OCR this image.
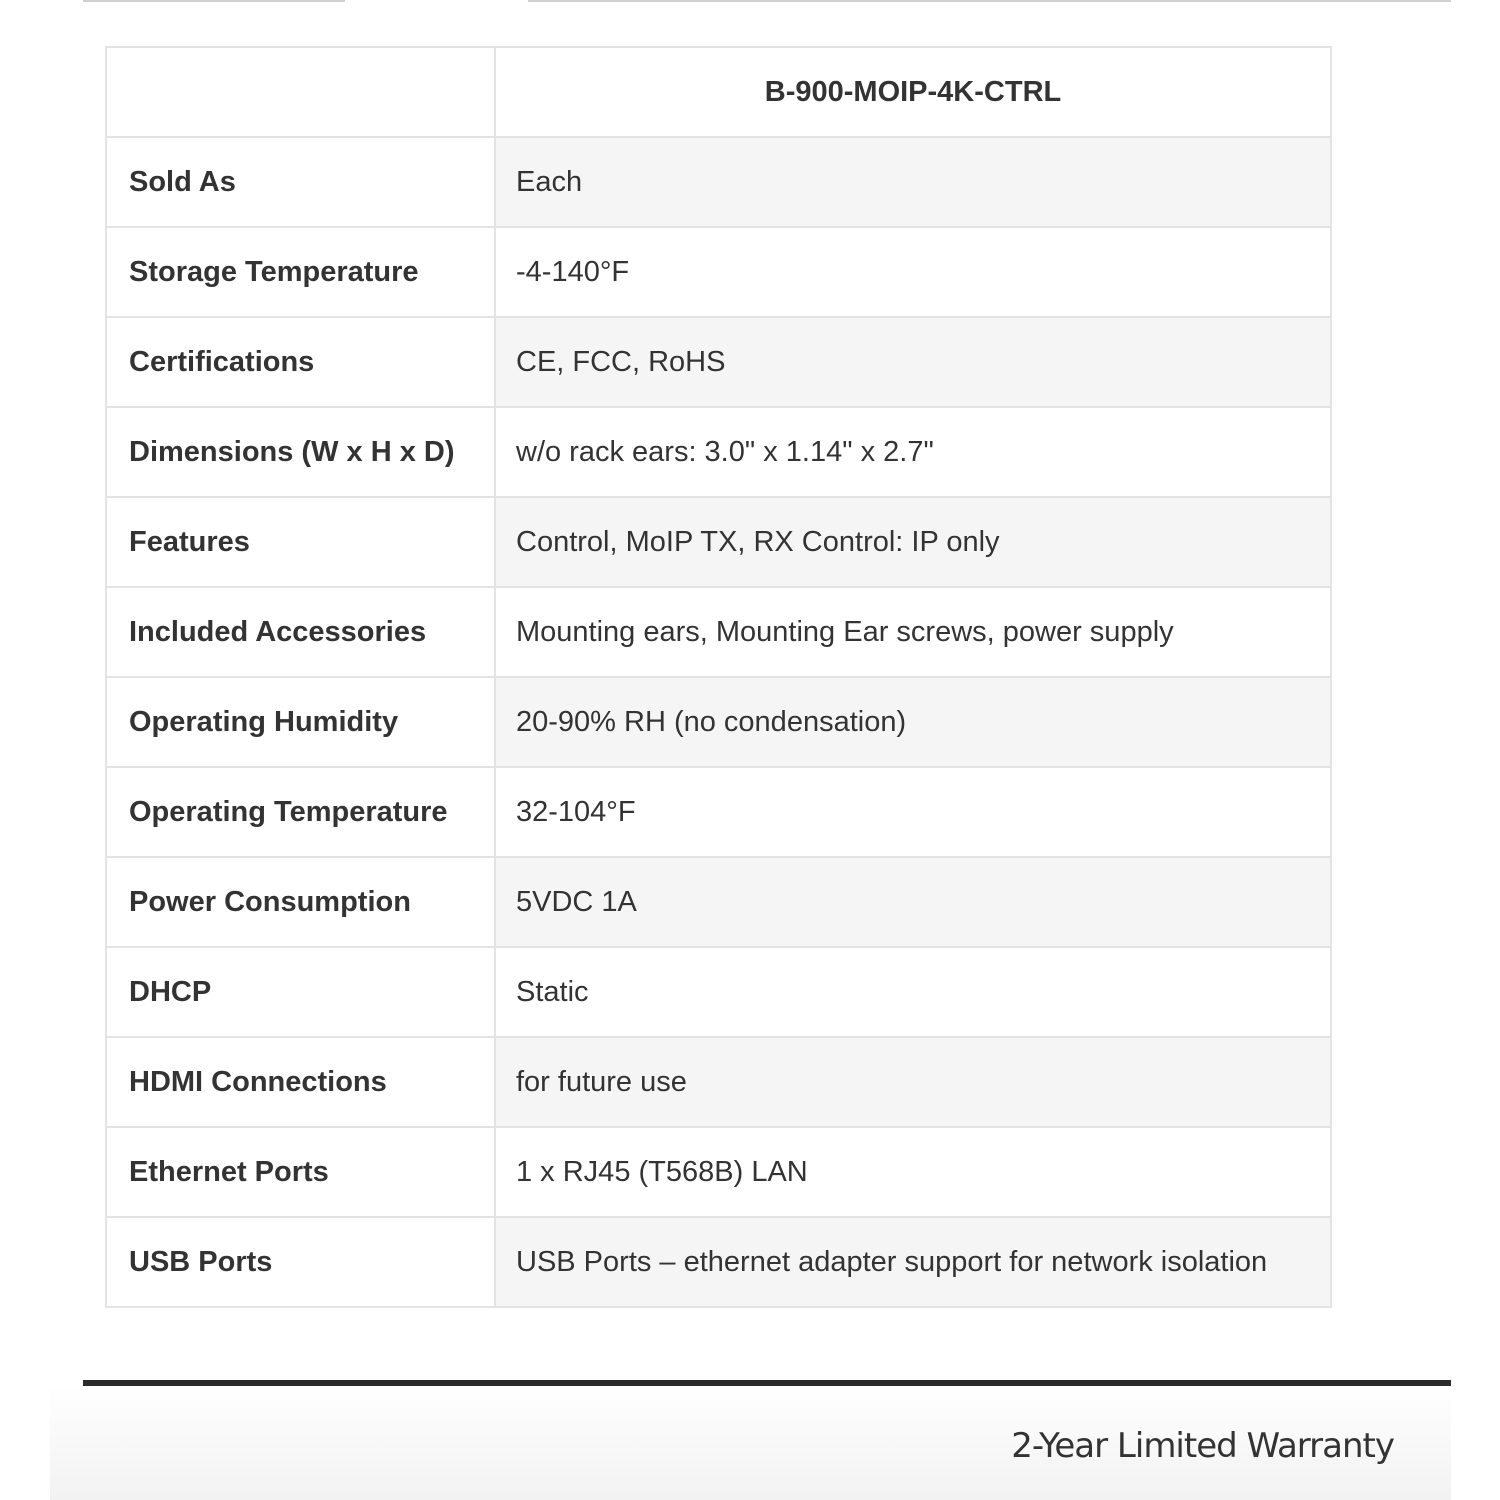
	B-900-MOIP-4K-CTRL
Sold As	Each
Storage Temperature	-4-140°F
Certifications	CE, FCC, RoHS
Dimensions (W x H x D)	w/o rack ears: 3.0" x 1.14" x 2.7"
Features	Control, MoIP TX, RX Control: IP only
Included Accessories	Mounting ears, Mounting Ear screws, power supply
Operating Humidity	20-90% RH (no condensation)
Operating Temperature	32-104°F
Power Consumption	5VDC 1A
DHCP	Static
HDMI Connections	for future use
Ethernet Ports	1 x RJ45 (T568B) LAN
USB Ports	USB Ports – ethernet adapter support for network isolation
2-Year Limited Warranty
